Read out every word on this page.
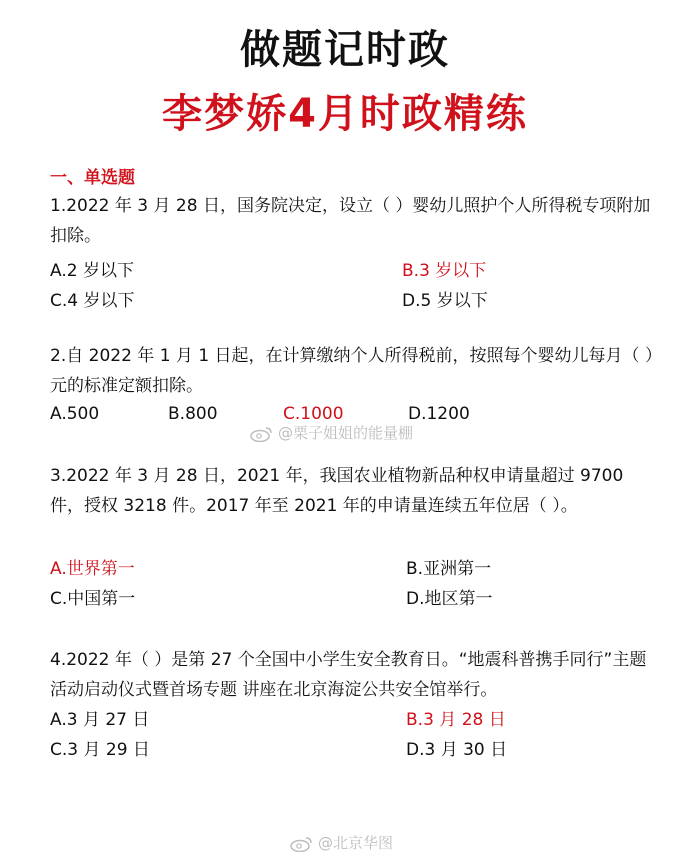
做题记时政
李梦娇4月时政精练
一、单选题
1.2022 年 3 月 28 日，国务院决定，设立（ ）婴幼儿照护个人所得税专项附加扣除。
A.2 岁以下	B.3 岁以下
C.4 岁以下	D.5 岁以下
2.自 2022 年 1 月 1 日起，在计算缴纳个人所得税前，按照每个婴幼儿每月（ ）元的标准定额扣除。
A.500	B.800	C.1000	D.1200
@栗子姐姐的能量棚
3.2022 年 3 月 28 日，2021 年，我国农业植物新品种权申请量超过 9700 件，授权 3218 件。2017 年至 2021 年的申请量连续五年位居（ ）。
A.世界第一	B.亚洲第一
C.中国第一	D.地区第一
4.2022 年（ ）是第 27 个全国中小学生安全教育日。“地震科普携手同行”主题活动启动仪式暨首场专题 讲座在北京海淀公共安全馆举行。
A.3 月 27 日	B.3 月 28 日
C.3 月 29 日	D.3 月 30 日
@北京华图
